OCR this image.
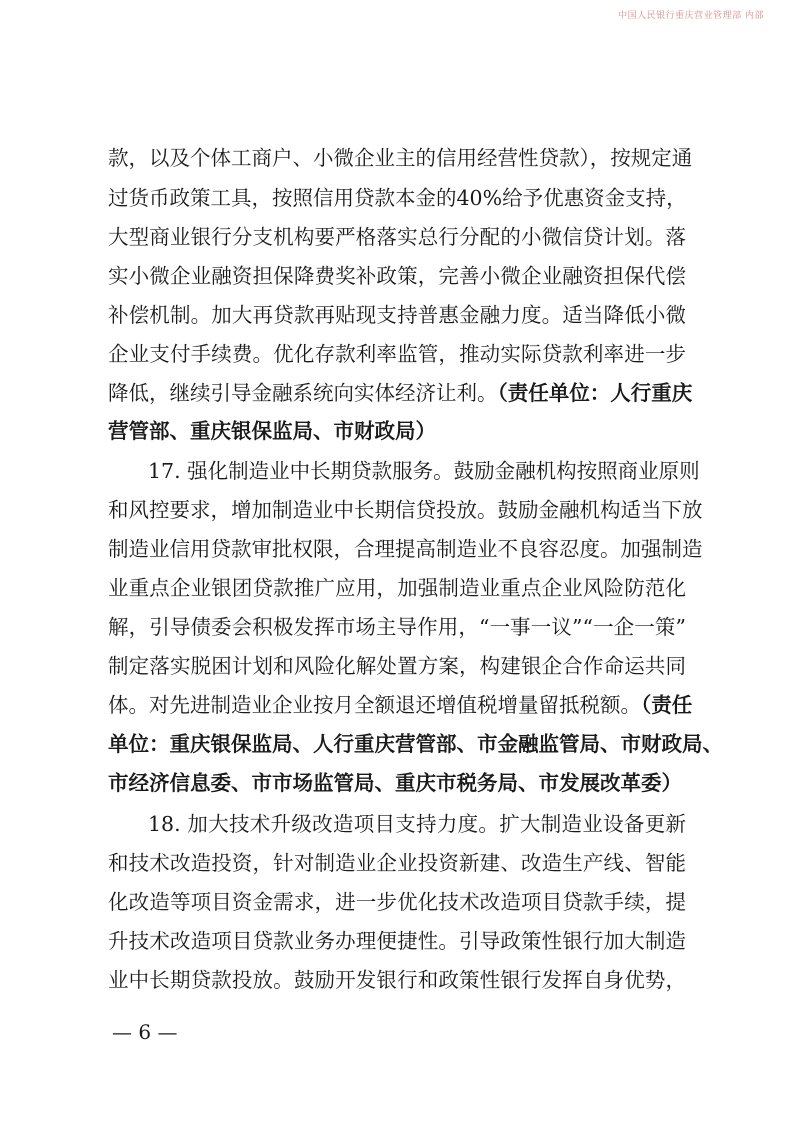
中国人民银行重庆营业管理部 内部
款，以及个体工商户、小微企业主的信用经营性贷款），按规定通
过货币政策工具，按照信用贷款本金的40%给予优惠资金支持，
大型商业银行分支机构要严格落实总行分配的小微信贷计划。落
实小微企业融资担保降费奖补政策，完善小微企业融资担保代偿
补偿机制。加大再贷款再贴现支持普惠金融力度。适当降低小微
企业支付手续费。优化存款利率监管，推动实际贷款利率进一步
降低，继续引导金融系统向实体经济让利。（责任单位：人行重庆
营管部、重庆银保监局、市财政局）
17. 强化制造业中长期贷款服务。鼓励金融机构按照商业原则
和风控要求，增加制造业中长期信贷投放。鼓励金融机构适当下放
制造业信用贷款审批权限，合理提高制造业不良容忍度。加强制造
业重点企业银团贷款推广应用，加强制造业重点企业风险防范化
解，引导债委会积极发挥市场主导作用，“一事一议”“一企一策”
制定落实脱困计划和风险化解处置方案，构建银企合作命运共同
体。对先进制造业企业按月全额退还增值税增量留抵税额。（责任
单位：重庆银保监局、人行重庆营管部、市金融监管局、市财政局、
市经济信息委、市市场监管局、重庆市税务局、市发展改革委）
18. 加大技术升级改造项目支持力度。扩大制造业设备更新
和技术改造投资，针对制造业企业投资新建、改造生产线、智能
化改造等项目资金需求，进一步优化技术改造项目贷款手续，提
升技术改造项目贷款业务办理便捷性。引导政策性银行加大制造
业中长期贷款投放。鼓励开发银行和政策性银行发挥自身优势，
— 6 —
